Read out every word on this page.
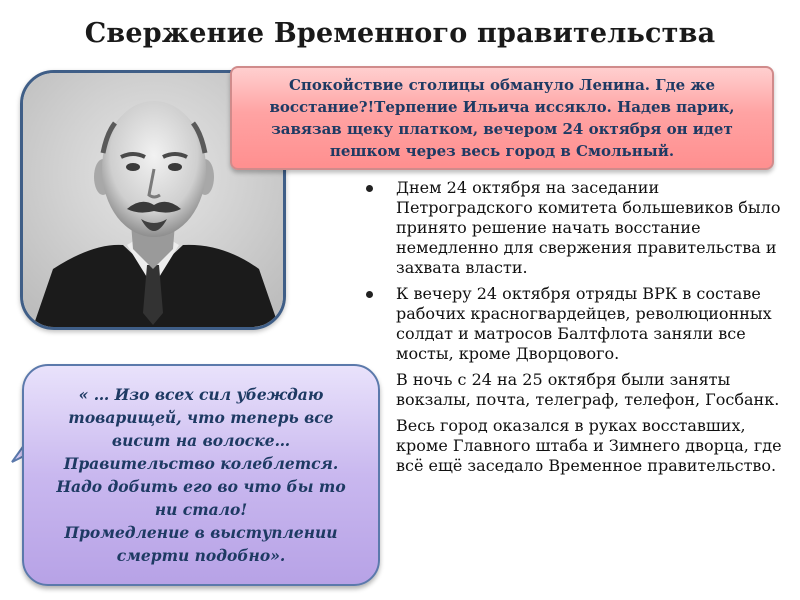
Свержение Временного правительства

Спокойствие столицы обмануло Ленина. Где же восстание?!Терпение Ильича иссякло. Надев парик, завязав щеку платком, вечером 24 октября он идет пешком через весь город в Смольный.

Днем 24 октября на заседании Петроградского комитета большевиков было принято решение начать восстание немедленно для свержения правительства и захвата власти.
К вечеру 24 октября отряды ВРК в составе рабочих красногвардейцев, революционных солдат и матросов Балтфлота заняли все мосты, кроме Дворцового.
В ночь с 24 на 25 октября были заняты вокзалы, почта, телеграф, телефон, Госбанк.
Весь город оказался в руках восставших, кроме Главного штаба и Зимнего дворца, где всё ещё заседало Временное правительство.

« … Изо всех сил убеждаю
товарищей, что теперь все
висит на волоске…
Правительство колеблется.
Надо добить его во что бы то
ни стало!
Промедление в выступлении
смерти подобно».
